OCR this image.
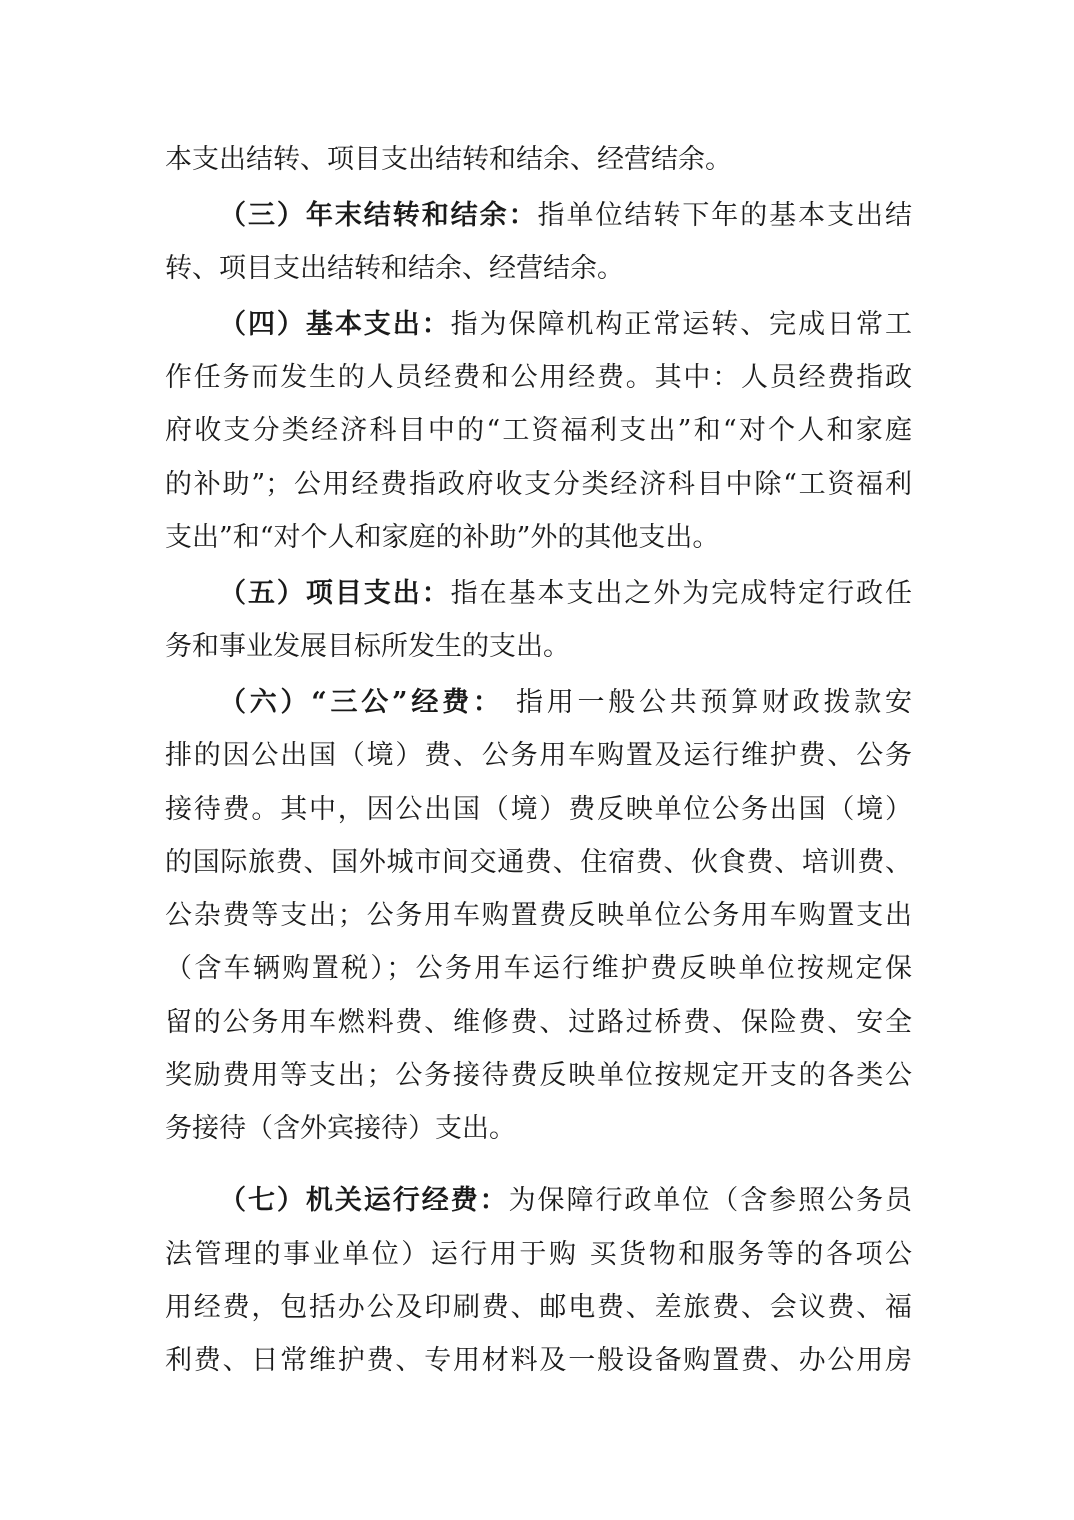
本支出结转、项目支出结转和结余、经营结余。
（三）年末结转和结余：指单位结转下年的基本支出结
转、项目支出结转和结余、经营结余。
（四）基本支出：指为保障机构正常运转、完成日常工
作任务而发生的人员经费和公用经费。其中：人员经费指政
府收支分类经济科目中的“工资福利支出”和“对个人和家庭
的补助”；公用经费指政府收支分类经济科目中除“工资福利
支出”和“对个人和家庭的补助”外的其他支出。
（五）项目支出：指在基本支出之外为完成特定行政任
务和事业发展目标所发生的支出。
（六）“三公”经费： 指用一般公共预算财政拨款安
排的因公出国（境）费、公务用车购置及运行维护费、公务
接待费。其中，因公出国（境）费反映单位公务出国（境）
的国际旅费、国外城市间交通费、住宿费、伙食费、培训费、
公杂费等支出；公务用车购置费反映单位公务用车购置支出
（含车辆购置税）；公务用车运行维护费反映单位按规定保
留的公务用车燃料费、维修费、过路过桥费、保险费、安全
奖励费用等支出；公务接待费反映单位按规定开支的各类公
务接待（含外宾接待）支出。
（七）机关运行经费：为保障行政单位（含参照公务员
法管理的事业单位）运行用于购 买货物和服务等的各项公
用经费，包括办公及印刷费、邮电费、差旅费、会议费、福
利费、日常维护费、专用材料及一般设备购置费、办公用房
